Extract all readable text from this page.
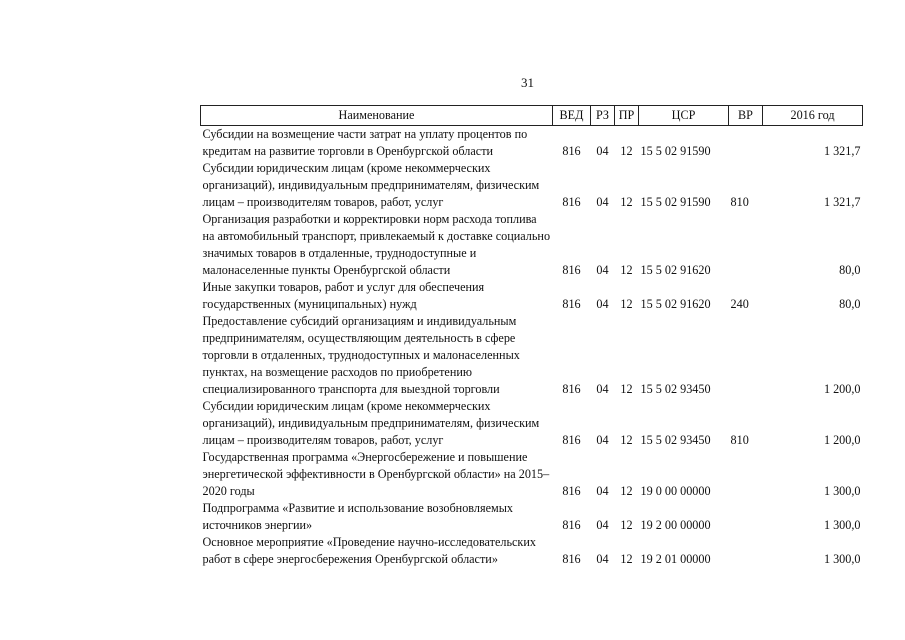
31
Наименование	ВЕД	РЗ	ПР	ЦСР	ВР	2016 год
Субсидии на возмещение части затрат на уплату процентов по кредитам на развитие торговли в Оренбургской области	816	04	12	15 5 02 91590		1 321,7
Субсидии юридическим лицам (кроме некоммерческих организаций), индивидуальным предпринимателям, физическим лицам – производителям товаров, работ, услуг	816	04	12	15 5 02 91590	810	1 321,7
Организация разработки и корректировки норм расхода топлива на автомобильный транспорт, привлекаемый к доставке социально значимых товаров в отдаленные, труднодоступные и малонаселенные пункты Оренбургской области	816	04	12	15 5 02 91620		80,0
Иные закупки товаров, работ и услуг для обеспечения государственных (муниципальных) нужд	816	04	12	15 5 02 91620	240	80,0
Предоставление субсидий организациям и индивидуальным предпринимателям, осуществляющим деятельность в сфере торговли в отдаленных, труднодоступных и малонаселенных пунктах, на возмещение расходов по приобретению специализированного транспорта для выездной торговли	816	04	12	15 5 02 93450		1 200,0
Субсидии юридическим лицам (кроме некоммерческих организаций), индивидуальным предпринимателям, физическим лицам – производителям товаров, работ, услуг	816	04	12	15 5 02 93450	810	1 200,0
Государственная программа «Энергосбережение и повышение энергетической эффективности в Оренбургской области» на 2015–2020 годы	816	04	12	19 0 00 00000		1 300,0
Подпрограмма «Развитие и использование возобновляемых источников энергии»	816	04	12	19 2 00 00000		1 300,0
Основное мероприятие «Проведение научно-исследовательских работ в сфере энергосбережения Оренбургской области»	816	04	12	19 2 01 00000		1 300,0
